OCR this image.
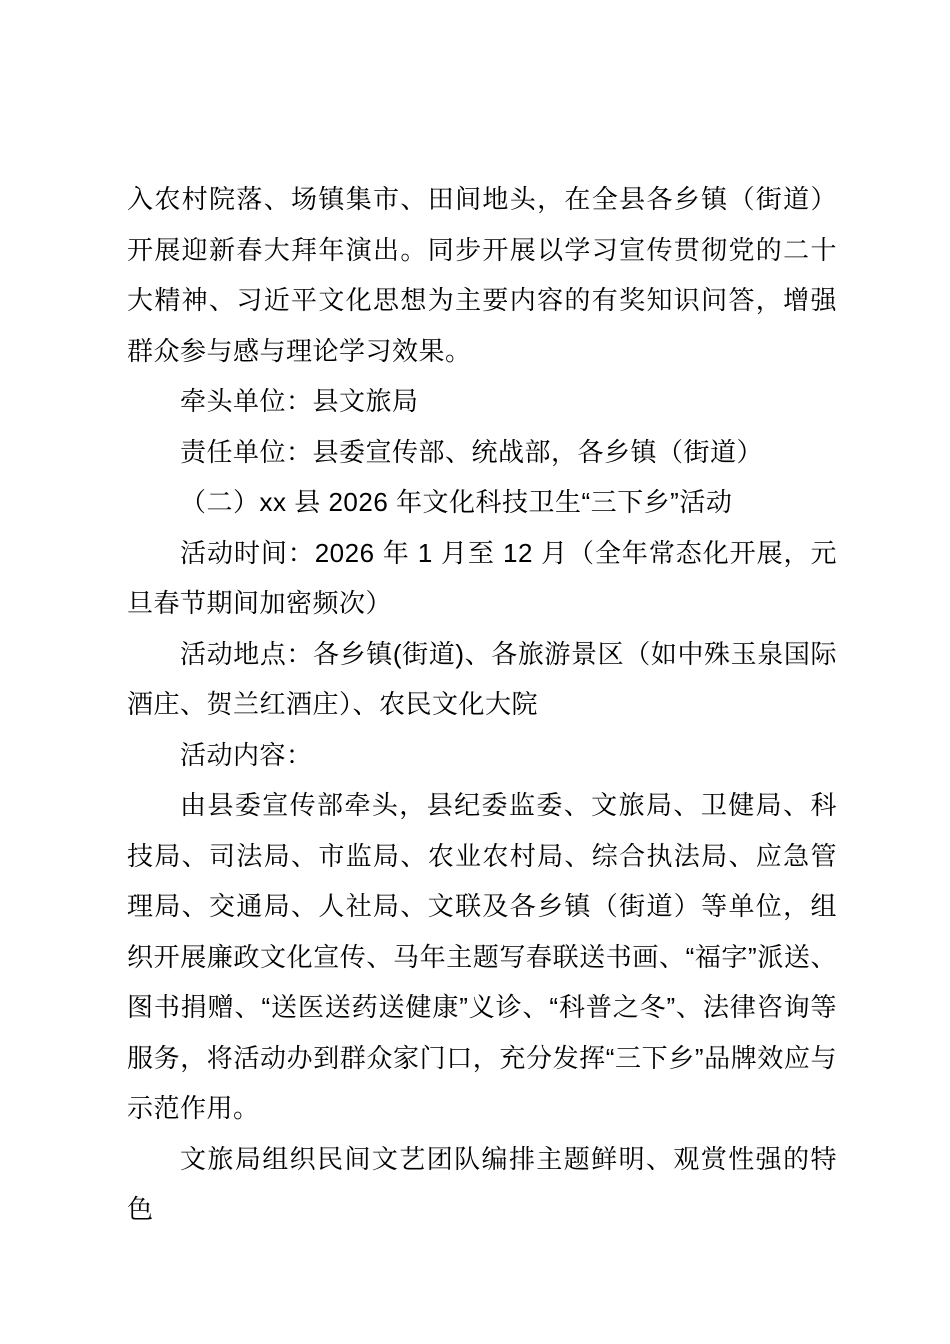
入农村院落、场镇集市、田间地头，在全县各乡镇（街道）开展迎新春大拜年演出。同步开展以学习宣传贯彻党的二十大精神、习近平文化思想为主要内容的有奖知识问答，增强群众参与感与理论学习效果。

牵头单位：县文旅局

责任单位：县委宣传部、统战部，各乡镇（街道）

（二）xx 县 2026 年文化科技卫生“三下乡”活动

活动时间：2026 年 1 月至 12 月（全年常态化开展，元旦春节期间加密频次）

活动地点：各乡镇(街道)、各旅游景区（如中殊玉泉国际酒庄、贺兰红酒庄）、农民文化大院

活动内容：

由县委宣传部牵头，县纪委监委、文旅局、卫健局、科技局、司法局、市监局、农业农村局、综合执法局、应急管理局、交通局、人社局、文联及各乡镇（街道）等单位，组织开展廉政文化宣传、马年主题写春联送书画、“福字”派送、图书捐赠、“送医送药送健康”义诊、“科普之冬”、法律咨询等服务，将活动办到群众家门口，充分发挥“三下乡”品牌效应与示范作用。

文旅局组织民间文艺团队编排主题鲜明、观赏性强的特色
